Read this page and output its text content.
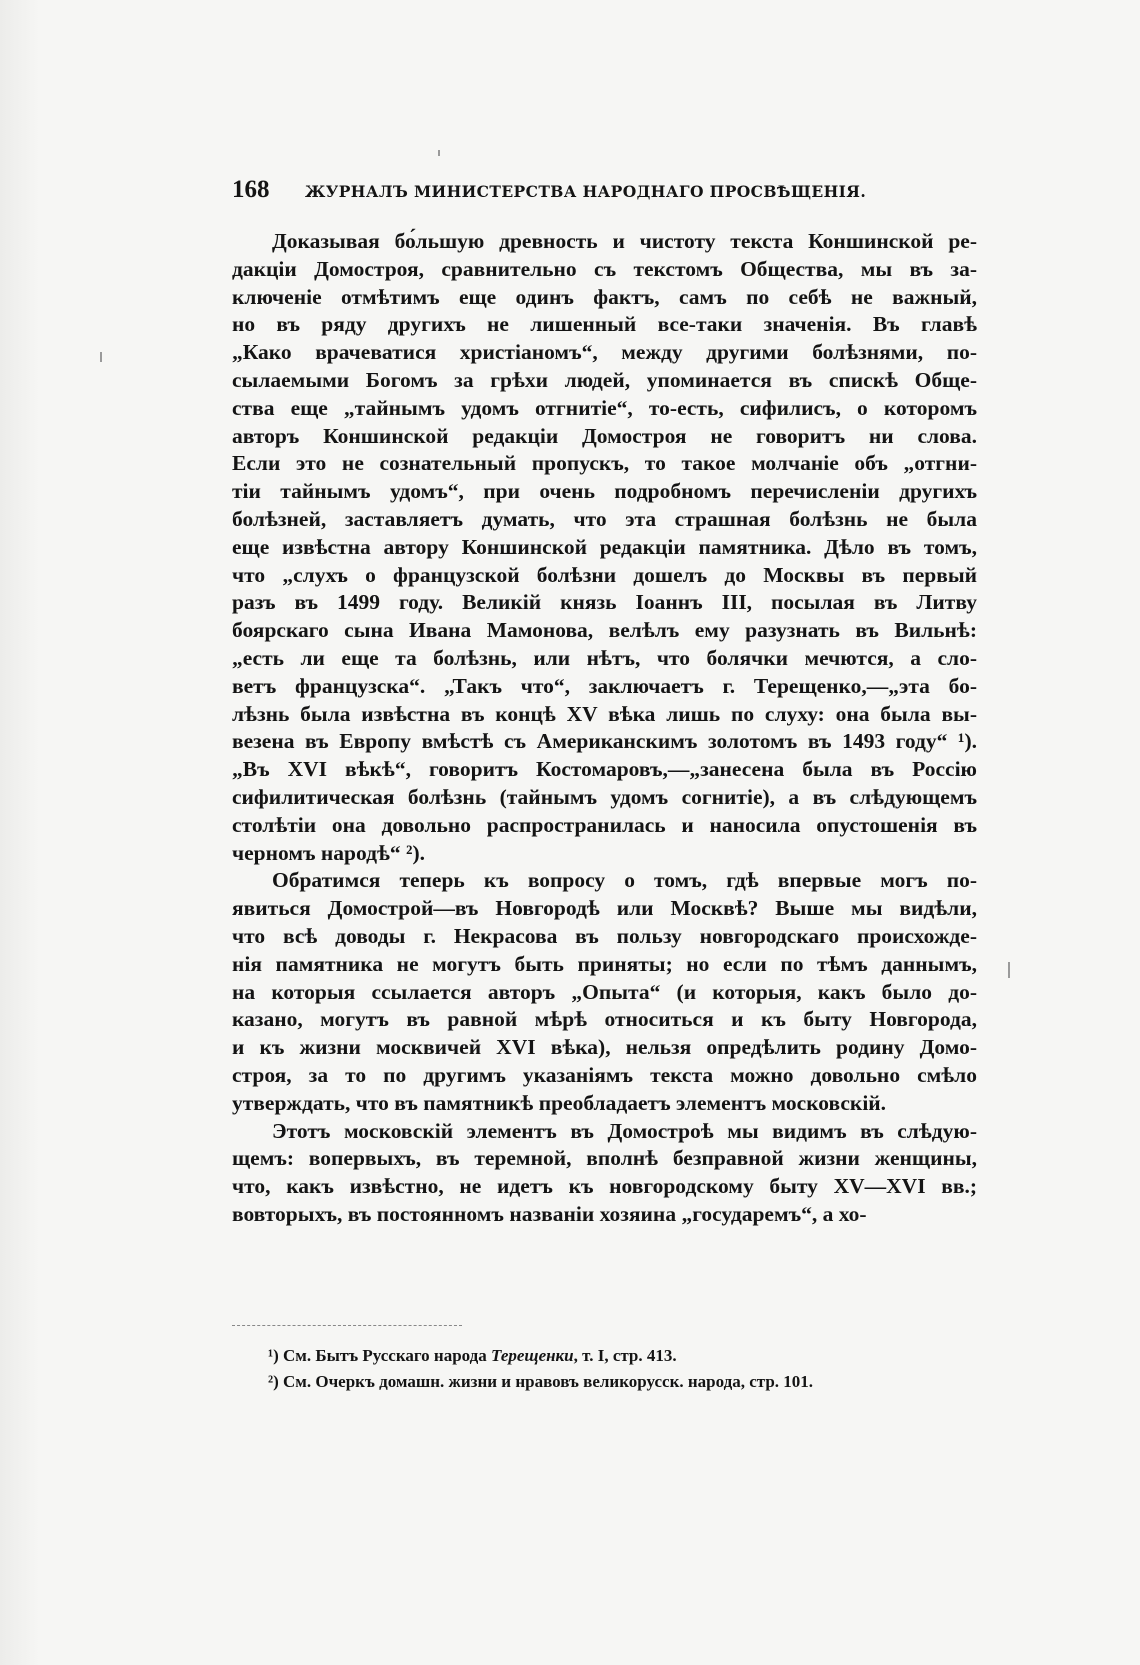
168 ЖУРНАЛЪ МИНИСТЕРСТВА НАРОДНАГО ПРОСВѢЩЕНІЯ.
Доказывая бо́льшую древность и чистоту текста Коншинской ре-
дакціи Домостроя, сравнительно съ текстомъ Общества, мы въ за-
ключеніе отмѣтимъ еще одинъ фактъ, самъ по себѣ не важный,
но въ ряду другихъ не лишенный все-таки значенія. Въ главѣ
„Како врачеватися христіаномъ“, между другими болѣзнями, по-
сылаемыми Богомъ за грѣхи людей, упоминается въ спискѣ Обще-
ства еще „тайнымъ удомъ отгнитіе“, то-есть, сифилисъ, о которомъ
авторъ Коншинской редакціи Домостроя не говоритъ ни слова.
Если это не сознательный пропускъ, то такое молчаніе объ „отгни-
тіи тайнымъ удомъ“, при очень подробномъ перечисленіи другихъ
болѣзней, заставляетъ думать, что эта страшная болѣзнь не была
еще извѣстна автору Коншинской редакціи памятника. Дѣло въ томъ,
что „слухъ о французской болѣзни дошелъ до Москвы въ первый
разъ въ 1499 году. Великій князь Іоаннъ III, посылая въ Литву
боярскаго сына Ивана Мамонова, велѣлъ ему разузнать въ Вильнѣ:
„есть ли еще та болѣзнь, или нѣтъ, что болячки мечются, а сло-
ветъ французска“. „Такъ что“, заключаетъ г. Терещенко,—„эта бо-
лѣзнь была извѣстна въ концѣ XV вѣка лишь по слуху: она была вы-
везена въ Европу вмѣстѣ съ Американскимъ золотомъ въ 1493 году“ ¹).
„Въ XVI вѣкѣ“, говоритъ Костомаровъ,—„занесена была въ Россію
сифилитическая болѣзнь (тайнымъ удомъ согнитіе), а въ слѣдующемъ
столѣтіи она довольно распространилась и наносила опустошенія въ
черномъ народѣ“ ²).
Обратимся теперь къ вопросу о томъ, гдѣ впервые могъ по-
явиться Домострой—въ Новгородѣ или Москвѣ? Выше мы видѣли,
что всѣ доводы г. Некрасова въ пользу новгородскаго происхожде-
нія памятника не могутъ быть приняты; но если по тѣмъ даннымъ,
на которыя ссылается авторъ „Опыта“ (и которыя, какъ было до-
казано, могутъ въ равной мѣрѣ относиться и къ быту Новгорода,
и къ жизни москвичей XVI вѣка), нельзя опредѣлить родину Домо-
строя, за то по другимъ указаніямъ текста можно довольно смѣло
утверждать, что въ памятникѣ преобладаетъ элементъ московскій.
Этотъ московскій элементъ въ Домостроѣ мы видимъ въ слѣдую-
щемъ: вопервыхъ, въ теремной, вполнѣ безправной жизни женщины,
что, какъ извѣстно, не идетъ къ новгородскому быту XV—XVI вв.;
вовторыхъ, въ постоянномъ названіи хозяина „государемъ“, а хо-
¹) См. Бытъ Русскаго народа Терещенки, т. I, стр. 413.
²) См. Очеркъ домашн. жизни и нравовъ великорусск. народа, стр. 101.
